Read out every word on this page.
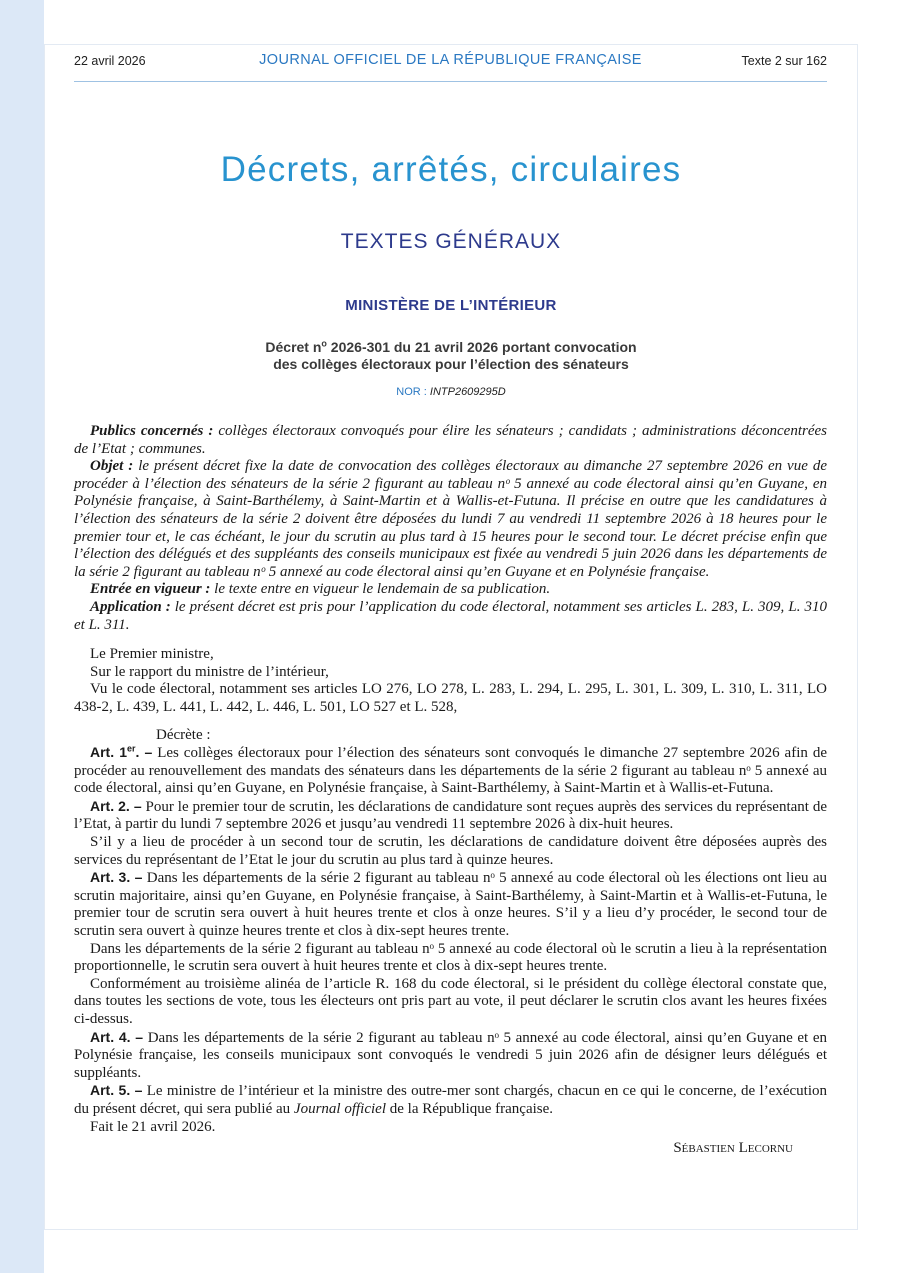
22 avril 2026	JOURNAL OFFICIEL DE LA RÉPUBLIQUE FRANÇAISE	Texte 2 sur 162
Décrets, arrêtés, circulaires
TEXTES GÉNÉRAUX
MINISTÈRE DE L’INTÉRIEUR
Décret $n^o$ 2026-301 du 21 avril 2026 portant convocation
des collèges électoraux pour l’élection des sénateurs
NOR : INTP2609295D

Publics concernés : collèges électoraux convoqués pour élire les sénateurs ; candidats ; administrations déconcentrées de l’Etat ; communes.

Objet : le présent décret fixe la date de convocation des collèges électoraux au dimanche 27 septembre 2026 en vue de procéder à l’élection des sénateurs de la série 2 figurant au tableau nᵒ 5 annexé au code électoral ainsi qu’en Guyane, en Polynésie française, à Saint-Barthélemy, à Saint-Martin et à Wallis-et-Futuna. Il précise en outre que les candidatures à l’élection des sénateurs de la série 2 doivent être déposées du lundi 7 au vendredi 11 septembre 2026 à 18 heures pour le premier tour et, le cas échéant, le jour du scrutin au plus tard à 15 heures pour le second tour. Le décret précise enfin que l’élection des délégués et des suppléants des conseils municipaux est fixée au vendredi 5 juin 2026 dans les départements de la série 2 figurant au tableau nᵒ 5 annexé au code électoral ainsi qu’en Guyane et en Polynésie française.

Entrée en vigueur : le texte entre en vigueur le lendemain de sa publication.

Application : le présent décret est pris pour l’application du code électoral, notamment ses articles L. 283, L. 309, L. 310 et L. 311.

Le Premier ministre,

Sur le rapport du ministre de l’intérieur,

Vu le code électoral, notamment ses articles LO 276, LO 278, L. 283, L. 294, L. 295, L. 301, L. 309, L. 310, L. 311, LO 438-2, L. 439, L. 441, L. 442, L. 446, L. 501, LO 527 et L. 528,

Décrète :

Art. 1er. – Les collèges électoraux pour l’élection des sénateurs sont convoqués le dimanche 27 septembre 2026 afin de procéder au renouvellement des mandats des sénateurs dans les départements de la série 2 figurant au tableau nᵒ 5 annexé au code électoral, ainsi qu’en Guyane, en Polynésie française, à Saint-Barthélemy, à Saint-Martin et à Wallis-et-Futuna.

Art. 2. – Pour le premier tour de scrutin, les déclarations de candidature sont reçues auprès des services du représentant de l’Etat, à partir du lundi 7 septembre 2026 et jusqu’au vendredi 11 septembre 2026 à dix-huit heures.

S’il y a lieu de procéder à un second tour de scrutin, les déclarations de candidature doivent être déposées auprès des services du représentant de l’Etat le jour du scrutin au plus tard à quinze heures.

Art. 3. – Dans les départements de la série 2 figurant au tableau nᵒ 5 annexé au code électoral où les élections ont lieu au scrutin majoritaire, ainsi qu’en Guyane, en Polynésie française, à Saint-Barthélemy, à Saint-Martin et à Wallis-et-Futuna, le premier tour de scrutin sera ouvert à huit heures trente et clos à onze heures. S’il y a lieu d’y procéder, le second tour de scrutin sera ouvert à quinze heures trente et clos à dix-sept heures trente.

Dans les départements de la série 2 figurant au tableau nᵒ 5 annexé au code électoral où le scrutin a lieu à la représentation proportionnelle, le scrutin sera ouvert à huit heures trente et clos à dix-sept heures trente.

Conformément au troisième alinéa de l’article R. 168 du code électoral, si le président du collège électoral constate que, dans toutes les sections de vote, tous les électeurs ont pris part au vote, il peut déclarer le scrutin clos avant les heures fixées ci-dessus.

Art. 4. – Dans les départements de la série 2 figurant au tableau nᵒ 5 annexé au code électoral, ainsi qu’en Guyane et en Polynésie française, les conseils municipaux sont convoqués le vendredi 5 juin 2026 afin de désigner leurs délégués et suppléants.

Art. 5. – Le ministre de l’intérieur et la ministre des outre-mer sont chargés, chacun en ce qui le concerne, de l’exécution du présent décret, qui sera publié au Journal officiel de la République française.

Fait le 21 avril 2026.

Sébastien Lecornu
